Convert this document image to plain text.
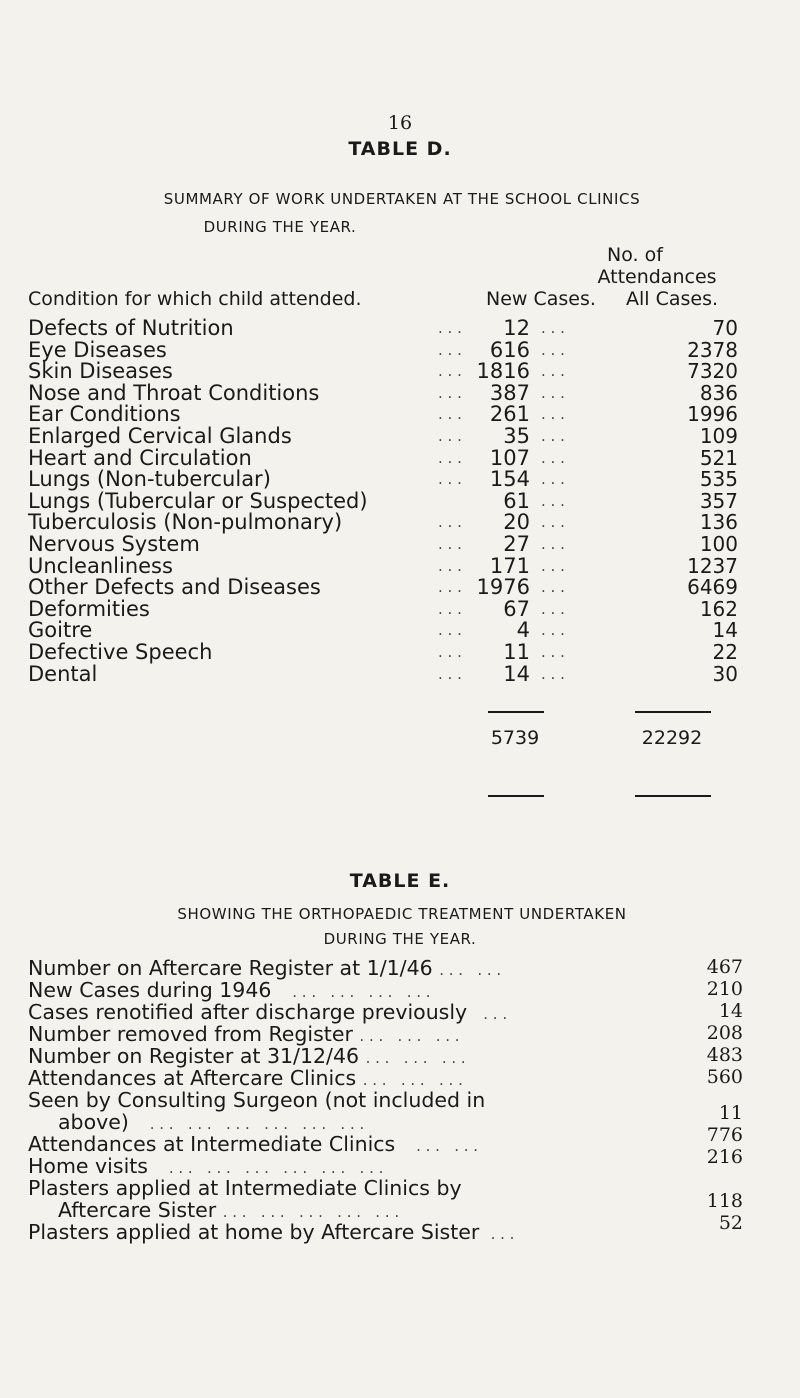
16
TABLE D.
SUMMARY OF WORK UNDERTAKEN AT THE SCHOOL CLINICS
DURING THE YEAR.
No. of
Attendances
Condition for which child attended.	New Cases. All Cases.
Defects of Nutrition	. . .	12 . . .	70
Eye Diseases	. . .	616 . . .	2378
Skin Diseases	. . . 1816 . . .	7320
Nose and Throat Conditions	. . .	387 . . .	836
Ear Conditions	. . .	261 . . .	1996
Enlarged Cervical Glands	. . .	35 . . .	109
Heart and Circulation	. . .	107 . . .	521
Lungs (Non-tubercular)	. . .	154 . . .	535
Lungs (Tubercular or Suspected)	61 . . .	357
Tuberculosis (Non-pulmonary)	. . .	20 . . .	136
Nervous System	. . .	27 . . .	100
Uncleanliness	. . .	171 . . .	1237
Other Defects and Diseases	. . . 1976 . . .	6469
Deformities	. . .	67 . . .	162
Goitre	. . .	4 . . .	14
Defective Speech	. . .	11 . . .	22
Dental	. . .	14 . . .	30
5739	22292
TABLE E.
SHOWING THE ORTHOPAEDIC TREATMENT UNDERTAKEN
DURING THE YEAR.
Number on Aftercare Register at 1/1/46 . . .   . . .	467
New Cases during 1946    . . .   . . .   . . .   . . .	210
Cases renotified after discharge previously   . . .	14
Number removed from Register . . .   . . .   . . .	208
Number on Register at 31/12/46 . . .   . . .   . . .	483
Attendances at Aftercare Clinics . . .   . . .   . . .	560
Seen by Consulting Surgeon (not included in
above)    . . .   . . .   . . .   . . .   . . .   . . .	11
Attendances at Intermediate Clinics    . . .   . . .	776
Home visits    . . .   . . .   . . .   . . .   . . .   . . .	216
Plasters applied at Intermediate Clinics by
Aftercare Sister . . .   . . .   . . .   . . .   . . .	118
Plasters applied at home by Aftercare Sister  . . .	52
